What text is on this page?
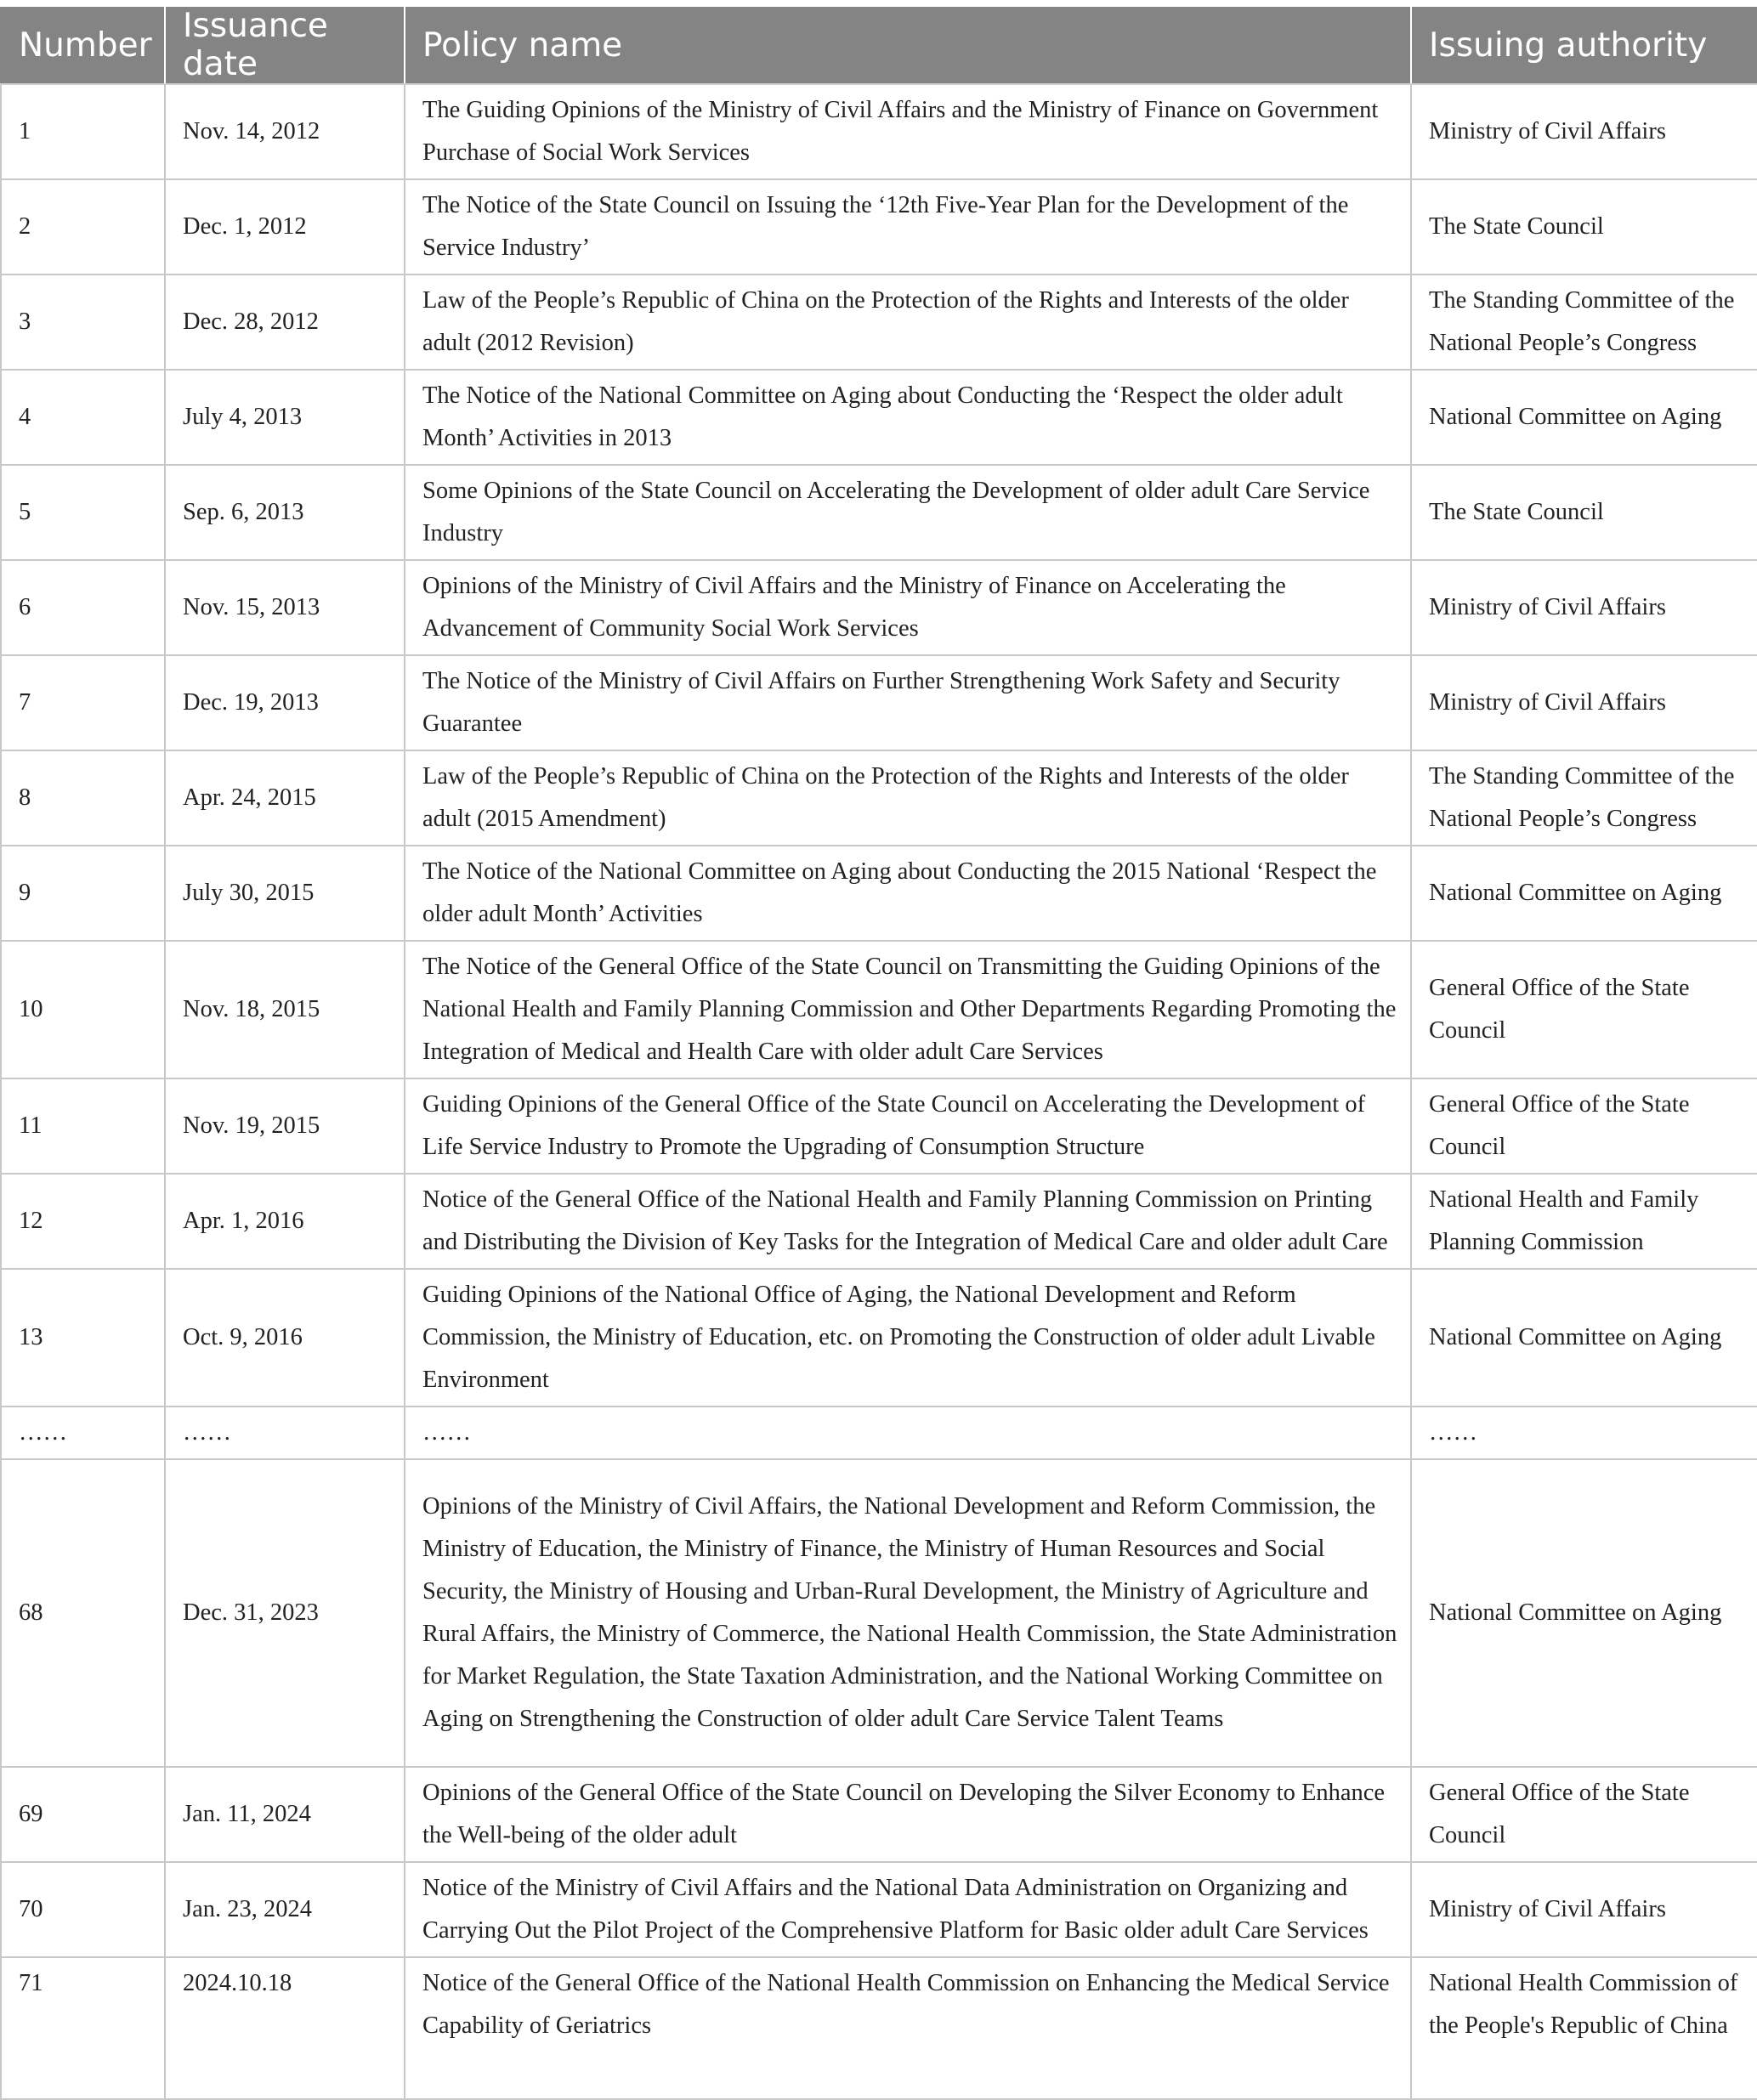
Number	Issuance date	Policy name	Issuing authority
1	Nov. 14, 2012	The Guiding Opinions of the Ministry of Civil Affairs and the Ministry of Finance on Government Purchase of Social Work Services	Ministry of Civil Affairs
2	Dec. 1, 2012	The Notice of the State Council on Issuing the ‘12th Five-Year Plan for the Development of the Service Industry’	The State Council
3	Dec. 28, 2012	Law of the People’s Republic of China on the Protection of the Rights and Interests of the older adult (2012 Revision)	The Standing Committee of the National People’s Congress
4	July 4, 2013	The Notice of the National Committee on Aging about Conducting the ‘Respect the older adult Month’ Activities in 2013	National Committee on Aging
5	Sep. 6, 2013	Some Opinions of the State Council on Accelerating the Development of older adult Care Service Industry	The State Council
6	Nov. 15, 2013	Opinions of the Ministry of Civil Affairs and the Ministry of Finance on Accelerating the Advancement of Community Social Work Services	Ministry of Civil Affairs
7	Dec. 19, 2013	The Notice of the Ministry of Civil Affairs on Further Strengthening Work Safety and Security Guarantee	Ministry of Civil Affairs
8	Apr. 24, 2015	Law of the People’s Republic of China on the Protection of the Rights and Interests of the older adult (2015 Amendment)	The Standing Committee of the National People’s Congress
9	July 30, 2015	The Notice of the National Committee on Aging about Conducting the 2015 National ‘Respect the older adult Month’ Activities	National Committee on Aging
10	Nov. 18, 2015	The Notice of the General Office of the State Council on Transmitting the Guiding Opinions of the National Health and Family Planning Commission and Other Departments Regarding Promoting the Integration of Medical and Health Care with older adult Care Services	General Office of the State Council
11	Nov. 19, 2015	Guiding Opinions of the General Office of the State Council on Accelerating the Development of Life Service Industry to Promote the Upgrading of Consumption Structure	General Office of the State Council
12	Apr. 1, 2016	Notice of the General Office of the National Health and Family Planning Commission on Printing and Distributing the Division of Key Tasks for the Integration of Medical Care and older adult Care	National Health and Family Planning Commission
13	Oct. 9, 2016	Guiding Opinions of the National Office of Aging, the National Development and Reform Commission, the Ministry of Education, etc. on Promoting the Construction of older adult Livable Environment	National Committee on Aging
……	……	……	……
68	Dec. 31, 2023	Opinions of the Ministry of Civil Affairs, the National Development and Reform Commission, the Ministry of Education, the Ministry of Finance, the Ministry of Human Resources and Social Security, the Ministry of Housing and Urban-Rural Development, the Ministry of Agriculture and Rural Affairs, the Ministry of Commerce, the National Health Commission, the State Administration for Market Regulation, the State Taxation Administration, and the National Working Committee on Aging on Strengthening the Construction of older adult Care Service Talent Teams	National Committee on Aging
69	Jan. 11, 2024	Opinions of the General Office of the State Council on Developing the Silver Economy to Enhance the Well-being of the older adult	General Office of the State Council
70	Jan. 23, 2024	Notice of the Ministry of Civil Affairs and the National Data Administration on Organizing and Carrying Out the Pilot Project of the Comprehensive Platform for Basic older adult Care Services	Ministry of Civil Affairs
71	2024.10.18	Notice of the General Office of the National Health Commission on Enhancing the Medical Service Capability of Geriatrics	National Health Commission of the People's Republic of China
